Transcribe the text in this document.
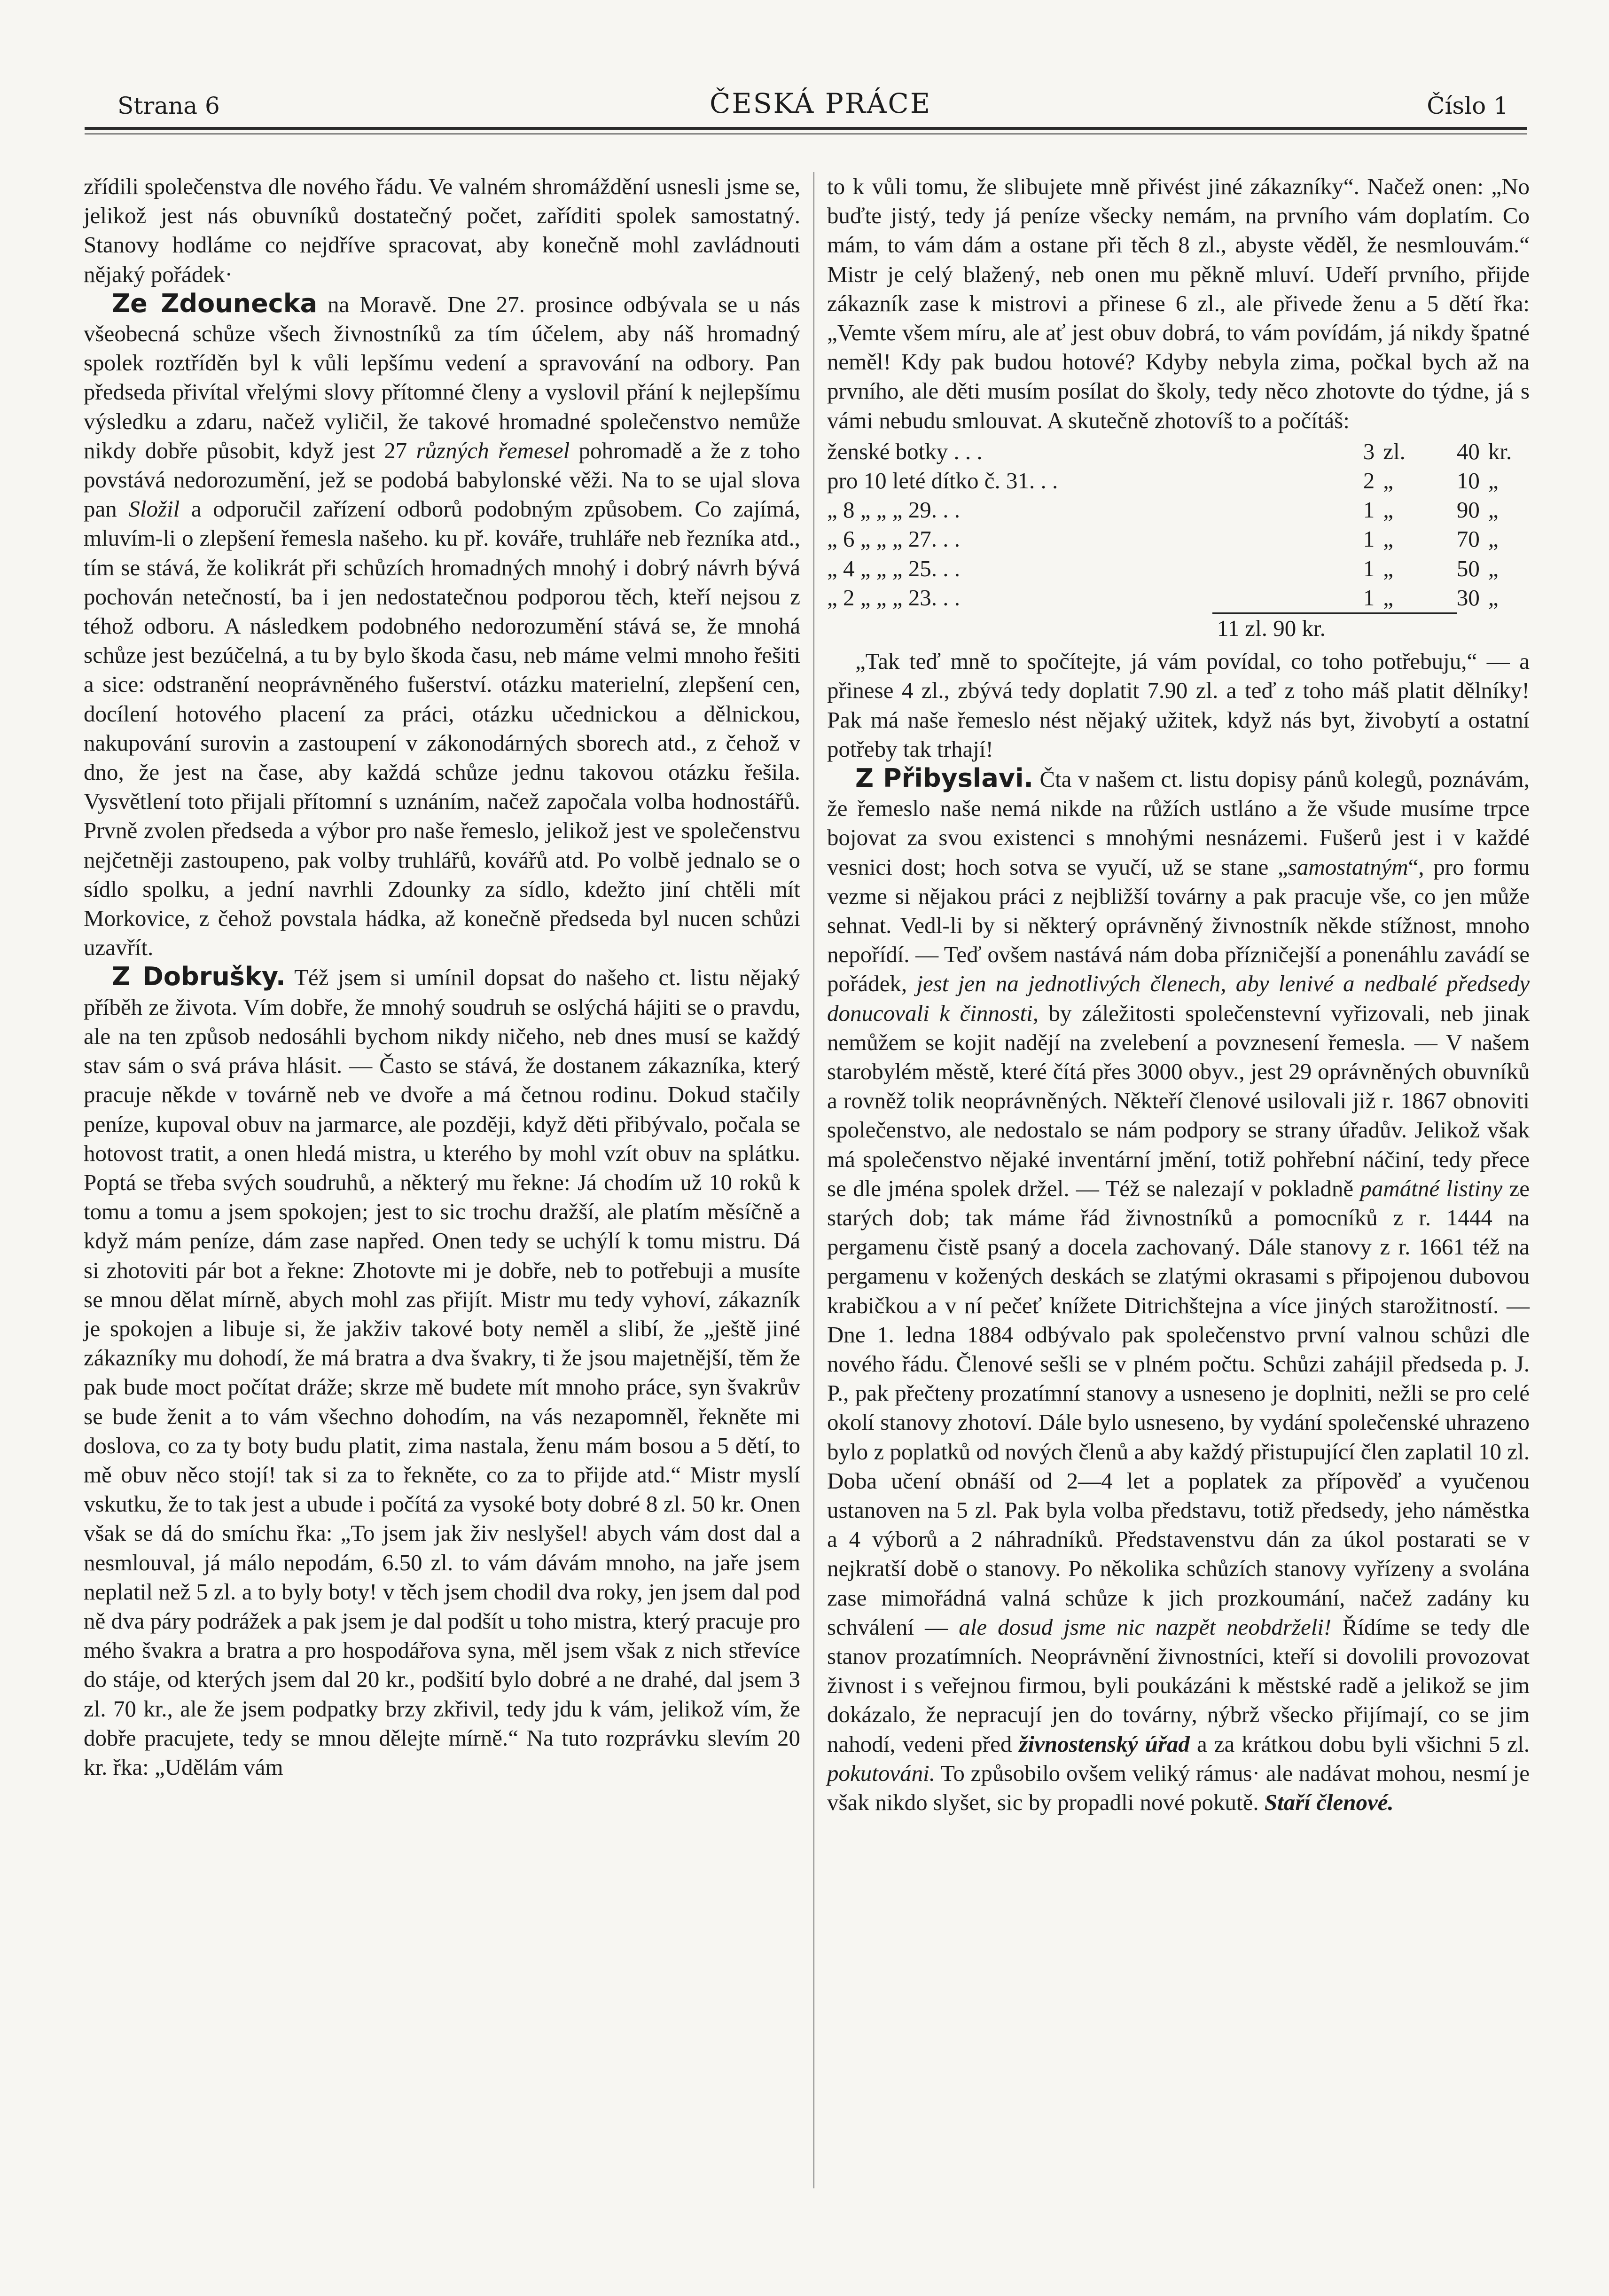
Strana 6	ČESKÁ PRÁCE	Číslo 1

zřídili společenstva dle nového řádu. Ve valném shromáždění usnesli jsme se, jelikož jest nás obuvníků dostatečný počet, zaříditi spolek samostatný. Stanovy hodláme co nejdříve spracovat, aby konečně mohl zavládnouti nějaký pořádek·

Ze Zdounecka na Moravě. Dne 27. prosince odbývala se u nás všeobecná schůze všech živnostníků za tím účelem, aby náš hromadný spolek roztříděn byl k vůli lepšímu vedení a spravování na odbory. Pan předseda přivítal vřelými slovy přítomné členy a vyslovil přání k nejlepšímu výsledku a zdaru, načež vyličil, že takové hromadné společenstvo nemůže nikdy dobře působit, když jest 27 různých řemesel pohromadě a že z toho povstává nedorozumění, jež se podobá babylonské věži. Na to se ujal slova pan Složil a odporučil zařízení odborů podobným způsobem. Co zajímá, mluvím-li o zlepšení řemesla našeho. ku př. kováře, truhláře neb řezníka atd., tím se stává, že kolikrát při schůzích hromadných mnohý i dobrý návrh bývá pochován netečností, ba i jen nedostatečnou podporou těch, kteří nejsou z téhož odboru. A následkem podobného nedorozumění stává se, že mnohá schůze jest bezúčelná, a tu by bylo škoda času, neb máme velmi mnoho řešiti a sice: odstranění neoprávněného fušerství. otázku materielní, zlepšení cen, docílení hotového placení za práci, otázku učednickou a dělnickou, nakupování surovin a zastoupení v zákonodárných sborech atd., z čehož v dno, že jest na čase, aby každá schůze jednu takovou otázku řešila. Vysvětlení toto přijali přítomní s uznáním, načež započala volba hodnostářů. Prvně zvolen předseda a výbor pro naše řemeslo, jelikož jest ve společenstvu nejčetněji zastoupeno, pak volby truhlářů, kovářů atd. Po volbě jednalo se o sídlo spolku, a jední navrhli Zdounky za sídlo, kdežto jiní chtěli mít Morkovice, z čehož povstala hádka, až konečně předseda byl nucen schůzi uzavřít.

Z Dobrušky. Též jsem si umínil dopsat do našeho ct. listu nějaký příběh ze života. Vím dobře, že mnohý soudruh se oslýchá hájiti se o pravdu, ale na ten způsob nedosáhli bychom nikdy ničeho, neb dnes musí se každý stav sám o svá práva hlásit. — Často se stává, že dostanem zákazníka, který pracuje někde v továrně neb ve dvoře a má četnou rodinu. Dokud stačily peníze, kupoval obuv na jarmarce, ale později, když děti přibývalo, počala se hotovost tratit, a onen hledá mistra, u kterého by mohl vzít obuv na splátku. Poptá se třeba svých soudruhů, a některý mu řekne: Já chodím už 10 roků k tomu a tomu a jsem spokojen; jest to sic trochu dražší, ale platím měsíčně a když mám peníze, dám zase napřed. Onen tedy se uchýlí k tomu mistru. Dá si zhotoviti pár bot a řekne: Zhotovte mi je dobře, neb to potřebuji a musíte se mnou dělat mírně, abych mohl zas přijít. Mistr mu tedy vyhoví, zákazník je spokojen a libuje si, že jakživ takové boty neměl a slibí, že „ještě jiné zákazníky mu dohodí, že má bratra a dva švakry, ti že jsou majetnější, těm že pak bude moct počítat dráže; skrze mě budete mít mnoho práce, syn švakrův se bude ženit a to vám všechno dohodím, na vás nezapomněl, řekněte mi doslova, co za ty boty budu platit, zima nastala, ženu mám bosou a 5 dětí, to mě obuv něco stojí! tak si za to řekněte, co za to přijde atd.“ Mistr myslí vskutku, že to tak jest a ubude i počítá za vysoké boty dobré 8 zl. 50 kr. Onen však se dá do smíchu řka: „To jsem jak živ neslyšel! abych vám dost dal a nesmlouval, já málo nepodám, 6.50 zl. to vám dávám mnoho, na jaře jsem neplatil než 5 zl. a to byly boty! v těch jsem chodil dva roky, jen jsem dal pod ně dva páry podrážek a pak jsem je dal podšít u toho mistra, který pracuje pro mého švakra a bratra a pro hospodářova syna, měl jsem však z nich střevíce do stáje, od kterých jsem dal 20 kr., podšití bylo dobré a ne drahé, dal jsem 3 zl. 70 kr., ale že jsem podpatky brzy zkřivil, tedy jdu k vám, jelikož vím, že dobře pracujete, tedy se mnou dělejte mírně.“ Na tuto rozprávku slevím 20 kr. řka: „Udělám vám

to k vůli tomu, že slibujete mně přivést jiné zákazníky“. Načež onen: „No buďte jistý, tedy já peníze všecky nemám, na prvního vám doplatím. Co mám, to vám dám a ostane při těch 8 zl., abyste věděl, že nesmlouvám.“ Mistr je celý blažený, neb onen mu pěkně mluví. Udeří prvního, přijde zákazník zase k mistrovi a přinese 6 zl., ale přivede ženu a 5 dětí řka: „Vemte všem míru, ale ať jest obuv dobrá, to vám povídám, já nikdy špatné neměl! Kdy pak budou hotové? Kdyby nebyla zima, počkal bych až na prvního, ale děti musím posílat do školy, tedy něco zhotovte do týdne, já s vámi nebudu smlouvat. A skutečně zhotovíš to a počítáš:

ženské botky . . .	3 zl.	40 kr.
pro 10 leté dítko č. 31. . .	2 „	10 „
„ 8 „ „ „ 29. . .	1 „	90 „
„ 6 „ „ „ 27. . .	1 „	70 „
„ 4 „ „ „ 25. . .	1 „	50 „
„ 2 „ „ „ 23. . .	1 „	30 „
11 zl. 90 kr.

„Tak teď mně to spočítejte, já vám povídal, co toho potřebuju,“ — a přinese 4 zl., zbývá tedy doplatit 7.90 zl. a teď z toho máš platit dělníky! Pak má naše řemeslo nést nějaký užitek, když nás byt, živobytí a ostatní potřeby tak trhají!

Z Přibyslavi. Čta v našem ct. listu dopisy pánů kolegů, poznávám, že řemeslo naše nemá nikde na růžích ustláno a že všude musíme trpce bojovat za svou existenci s mnohými nesnázemi. Fušerů jest i v každé vesnici dost; hoch sotva se vyučí, už se stane „samostatným“, pro formu vezme si nějakou práci z nejbližší továrny a pak pracuje vše, co jen může sehnat. Vedl-li by si některý oprávněný živnostník někde stížnost, mnoho nepořídí. — Teď ovšem nastává nám doba přízničejší a ponenáhlu zavádí se pořádek, jest jen na jednotlivých členech, aby lenivé a nedbalé předsedy donucovali k činnosti, by záležitosti společenstevní vyřizovali, neb jinak nemůžem se kojit nadějí na zvelebení a povznesení řemesla. — V našem starobylém městě, které čítá přes 3000 obyv., jest 29 oprávněných obuvníků a rovněž tolik neoprávněných. Někteří členové usilovali již r. 1867 obnoviti společenstvo, ale nedostalo se nám podpory se strany úřadův. Jelikož však má společenstvo nějaké inventární jmění, totiž pohřební náčiní, tedy přece se dle jména spolek držel. — Též se nalezají v pokladně památné listiny ze starých dob; tak máme řád živnostníků a pomocníků z r. 1444 na pergamenu čistě psaný a docela zachovaný. Dále stanovy z r. 1661 též na pergamenu v kožených deskách se zlatými okrasami s připojenou dubovou krabičkou a v ní pečeť knížete Ditrichštejna a více jiných starožitností. — Dne 1. ledna 1884 odbývalo pak společenstvo první valnou schůzi dle nového řádu. Členové sešli se v plném počtu. Schůzi zahájil předseda p. J. P., pak přečteny prozatímní stanovy a usneseno je doplniti, nežli se pro celé okolí stanovy zhotoví. Dále bylo usneseno, by vydání společenské uhrazeno bylo z poplatků od nových členů a aby každý přistupující člen zaplatil 10 zl. Doba učení obnáší od 2—4 let a poplatek za přípověď a vyučenou ustanoven na 5 zl. Pak byla volba představu, totiž předsedy, jeho náměstka a 4 výborů a 2 náhradníků. Představenstvu dán za úkol postarati se v nejkratší době o stanovy. Po několika schůzích stanovy vyřízeny a svolána zase mimořádná valná schůze k jich prozkoumání, načež zadány ku schválení — ale dosud jsme nic nazpět neobdrželi! Řídíme se tedy dle stanov prozatímních. Neoprávnění živnostníci, kteří si dovolili provozovat živnost i s veřejnou firmou, byli poukázáni k městské radě a jelikož se jim dokázalo, že nepracují jen do továrny, nýbrž všecko přijímají, co se jim nahodí, vedeni před živnostenský úřad a za krátkou dobu byli všichni 5 zl. pokutováni. To způsobilo ovšem veliký rámus· ale nadávat mohou, nesmí je však nikdo slyšet, sic by propadli nové pokutě. Staří členové.
